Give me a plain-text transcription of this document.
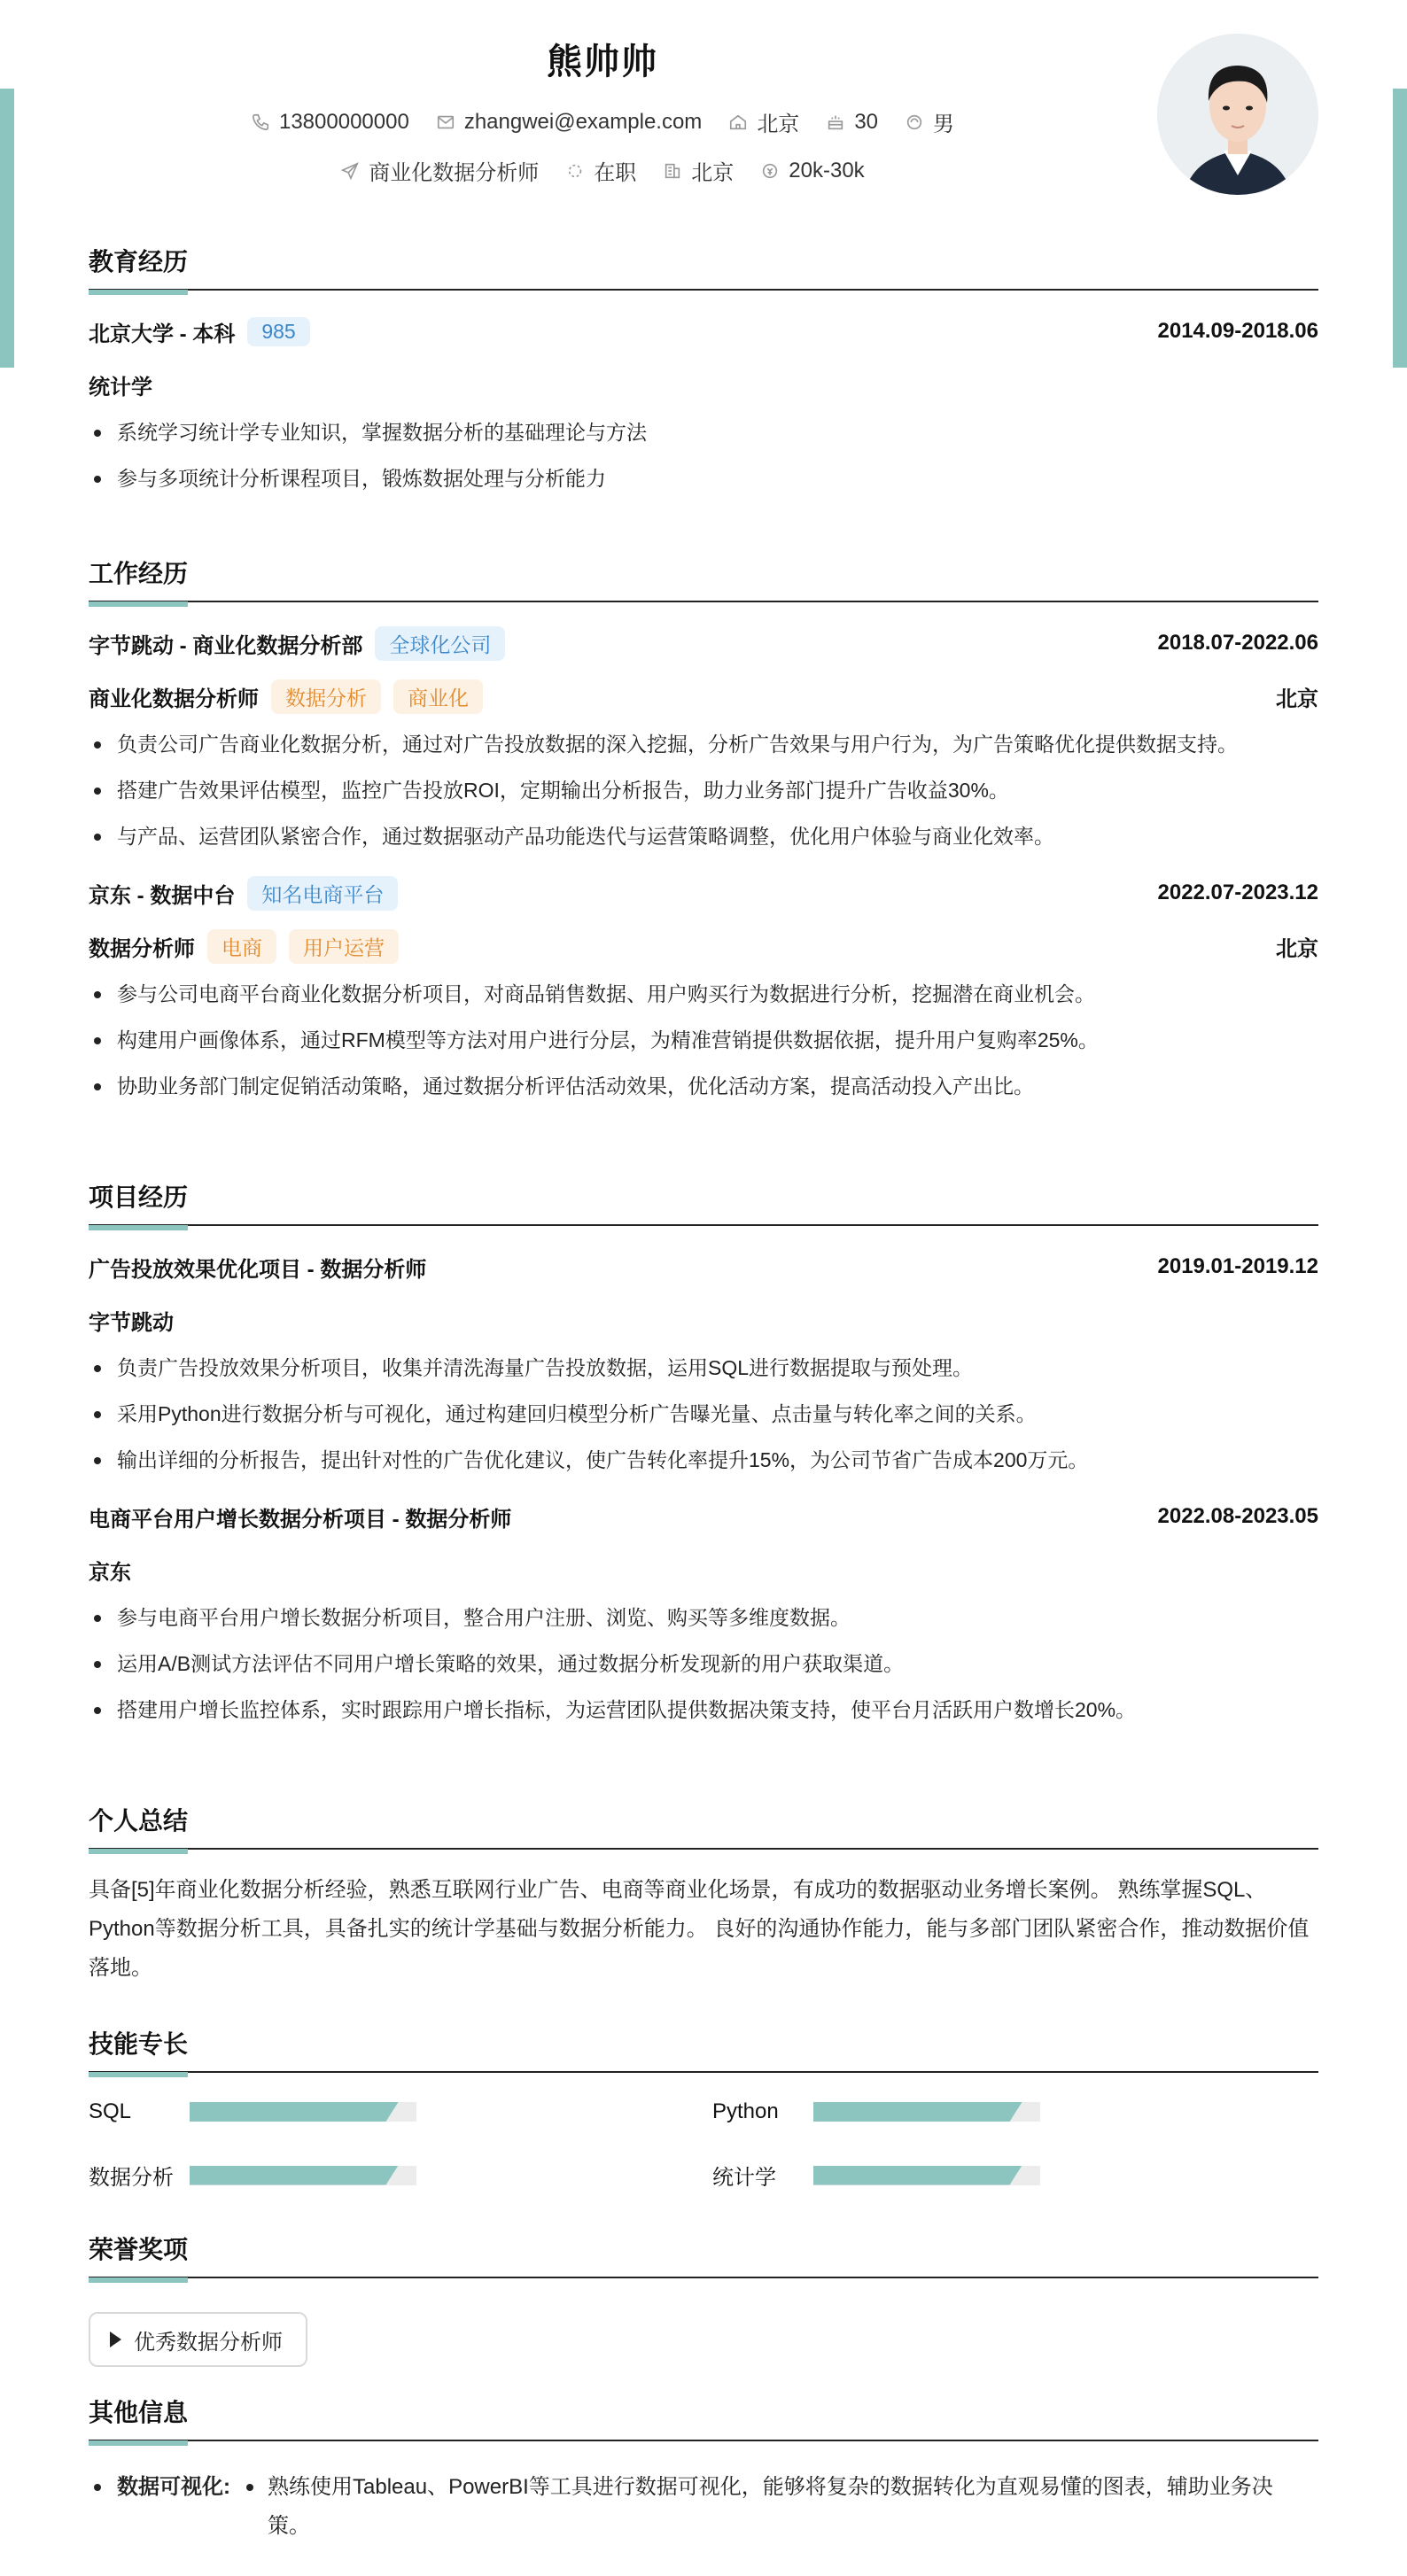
熊帅帅
13800000000	zhangwei@example.com	北京	30	男
商业化数据分析师	在职	北京	20k-30k
教育经历
北京大学 - 本科	985	2014.09-2018.06
统计学
系统学习统计学专业知识，掌握数据分析的基础理论与方法
参与多项统计分析课程项目，锻炼数据处理与分析能力
工作经历
字节跳动 - 商业化数据分析部	全球化公司	2018.07-2022.06
商业化数据分析师	数据分析	商业化	北京
负责公司广告商业化数据分析，通过对广告投放数据的深入挖掘，分析广告效果与用户行为，为广告策略优化提供数据支持。
搭建广告效果评估模型，监控广告投放ROI，定期输出分析报告，助力业务部门提升广告收益30%。
与产品、运营团队紧密合作，通过数据驱动产品功能迭代与运营策略调整，优化用户体验与商业化效率。
京东 - 数据中台	知名电商平台	2022.07-2023.12
数据分析师	电商	用户运营	北京
参与公司电商平台商业化数据分析项目，对商品销售数据、用户购买行为数据进行分析，挖掘潜在商业机会。
构建用户画像体系，通过RFM模型等方法对用户进行分层，为精准营销提供数据依据，提升用户复购率25%。
协助业务部门制定促销活动策略，通过数据分析评估活动效果，优化活动方案，提高活动投入产出比。
项目经历
广告投放效果优化项目 - 数据分析师	2019.01-2019.12
字节跳动
负责广告投放效果分析项目，收集并清洗海量广告投放数据，运用SQL进行数据提取与预处理。
采用Python进行数据分析与可视化，通过构建回归模型分析广告曝光量、点击量与转化率之间的关系。
输出详细的分析报告，提出针对性的广告优化建议，使广告转化率提升15%，为公司节省广告成本200万元。
电商平台用户增长数据分析项目 - 数据分析师	2022.08-2023.05
京东
参与电商平台用户增长数据分析项目，整合用户注册、浏览、购买等多维度数据。
运用A/B测试方法评估不同用户增长策略的效果，通过数据分析发现新的用户获取渠道。
搭建用户增长监控体系，实时跟踪用户增长指标，为运营团队提供数据决策支持，使平台月活跃用户数增长20%。
个人总结
具备[5]年商业化数据分析经验，熟悉互联网行业广告、电商等商业化场景，有成功的数据驱动业务增长案例。 熟练掌握SQL、Python等数据分析工具，具备扎实的统计学基础与数据分析能力。 良好的沟通协作能力，能与多部门团队紧密合作，推动数据价值落地。
技能专长
SQL	Python
数据分析	统计学
荣誉奖项
优秀数据分析师
其他信息
数据可视化:	熟练使用Tableau、PowerBI等工具进行数据可视化，能够将复杂的数据转化为直观易懂的图表，辅助业务决策。
